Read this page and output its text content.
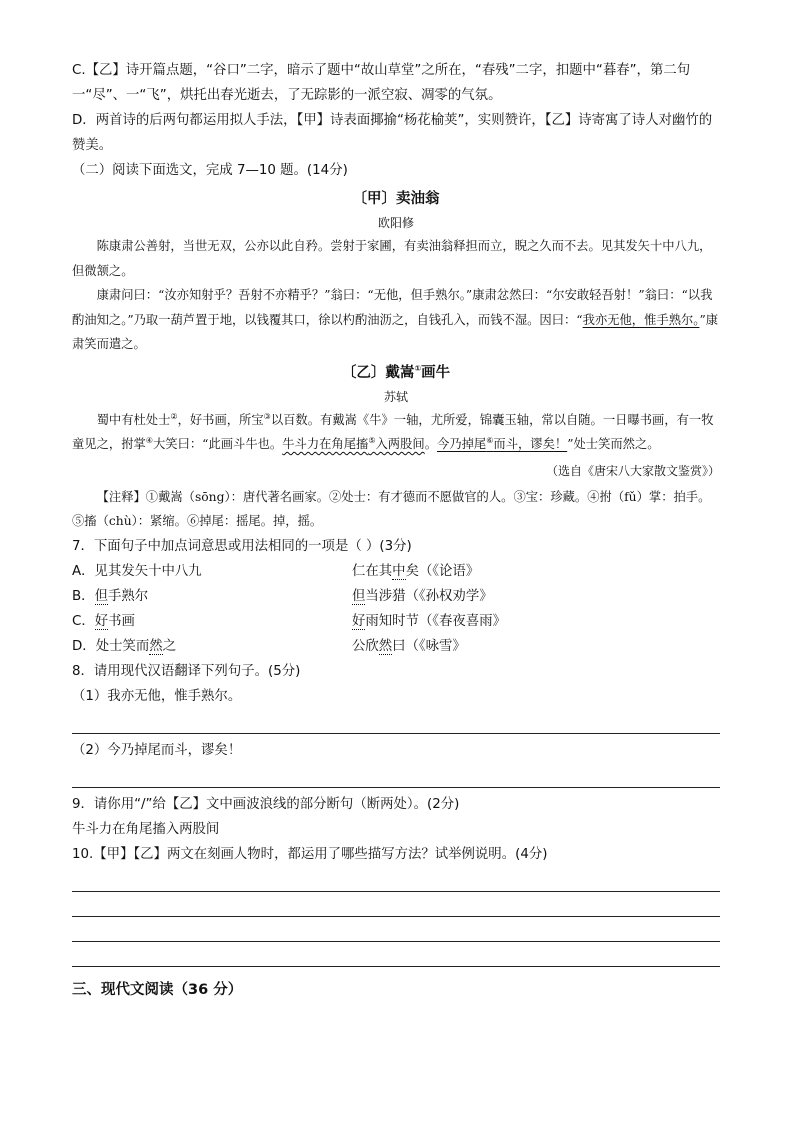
C.【乙】诗开篇点题，“谷口”二字，暗示了题中“故山草堂”之所在，“春残”二字，扣题中“暮春”，第二句一“尽”、一“飞”，烘托出春光逝去，了无踪影的一派空寂、凋零的气氛。

D．两首诗的后两句都运用拟人手法，【甲】诗表面揶揄“杨花榆荚”，实则赞许，【乙】诗寄寓了诗人对幽竹的赞美。

（二）阅读下面选文，完成 7—10 题。(14分)

〔甲〕卖油翁
欧阳修

陈康肃公善射，当世无双，公亦以此自矜。尝射于家圃，有卖油翁释担而立，睨之久而不去。见其发矢十中八九，但微颔之。

康肃问曰：“汝亦知射乎？吾射不亦精乎？”翁曰：“无他，但手熟尔。”康肃忿然曰：“尔安敢轻吾射！”翁曰：“以我酌油知之。”乃取一葫芦置于地，以钱覆其口，徐以杓酌油沥之，自钱孔入，而钱不湿。因曰：“我亦无他，惟手熟尔。”康肃笑而遣之。

〔乙〕戴嵩①画牛
苏轼

蜀中有杜处士②，好书画，所宝③以百数。有戴嵩《牛》一轴，尤所爱，锦囊玉轴，常以自随。一日曝书画，有一牧童见之，拊掌④大笑曰：“此画斗牛也。牛斗力在角尾搐⑤入两股间。今乃掉尾⑥而斗，谬矣！”处士笑而然之。

（选自《唐宋八大家散文鉴赏》）

【注释】①戴嵩（sōng）：唐代著名画家。②处士：有才德而不愿做官的人。③宝：珍藏。④拊（fǔ）掌：拍手。⑤搐（chù）：紧缩。⑥掉尾：摇尾。掉，摇。

7．下面句子中加点词意思或用法相同的一项是（ ）(3分)

A．见其发矢十中八九	仁在其中矣（《论语》
B．但手熟尔	但当涉猎（《孙权劝学》
C．好书画	好雨知时节（《春夜喜雨》
D．处士笑而然之	公欣然曰（《咏雪》

8．请用现代汉语翻译下列句子。(5分)

（1）我亦无他，惟手熟尔。

（2）今乃掉尾而斗，谬矣！

9．请你用“/”给【乙】文中画波浪线的部分断句（断两处）。(2分)

牛斗力在角尾搐入两股间

10.【甲】【乙】两文在刻画人物时，都运用了哪些描写方法？试举例说明。(4分)

三、现代文阅读（36 分）
